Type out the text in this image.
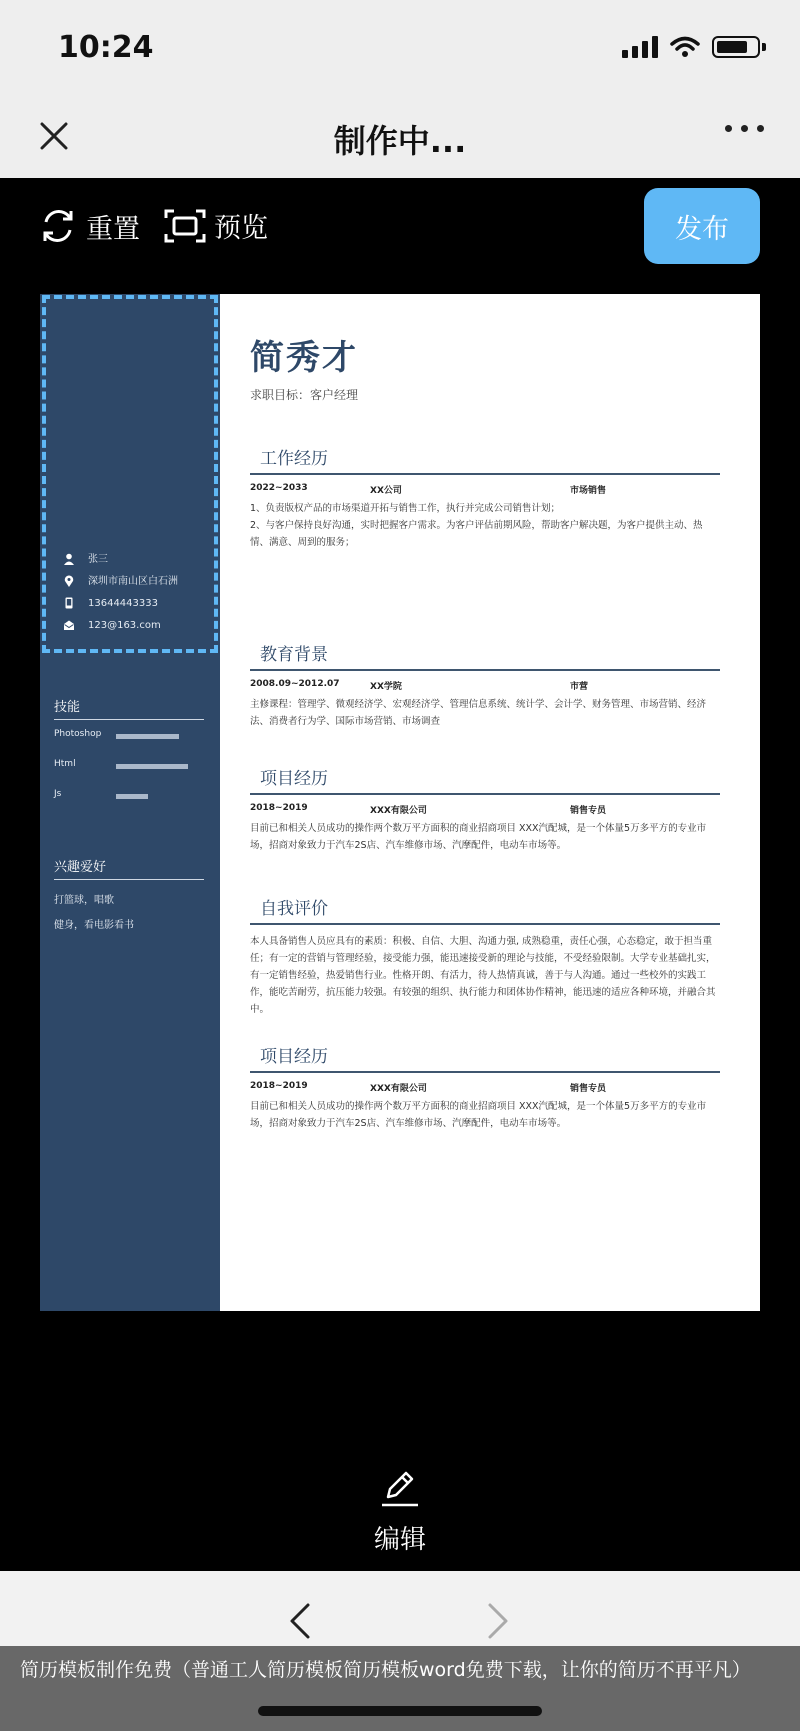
10:24
制作中...
重置	预览	发布
张三
深圳市南山区白石洲
13644443333
123@163.com
技能
Photoshop
Html
Js
兴趣爱好
打篮球，唱歌
健身，看电影看书
简秀才
求职目标：客户经理
工作经历
2022~2033	XX公司	市场销售
1、负责版权产品的市场渠道开拓与销售工作，执行并完成公司销售计划；
2、与客户保持良好沟通，实时把握客户需求。为客户评估前期风险，帮助客户解决题，为客户提供主动、热情、满意、周到的服务；
教育背景
2008.09~2012.07	XX学院	市营
主修课程：管理学、微观经济学、宏观经济学、管理信息系统、统计学、会计学、财务管理、市场营销、经济法、消费者行为学、国际市场营销、市场调查
项目经历
2018~2019	XXX有限公司	销售专员
目前已和相关人员成功的操作两个数万平方面积的商业招商项目 XXX汽配城，是一个体量5万多平方的专业市场，招商对象致力于汽车2S店、汽车维修市场、汽摩配件，电动车市场等。
自我评价
本人具备销售人员应具有的素质：积极、自信、大胆、沟通力强, 成熟稳重，责任心强，心态稳定，敢于担当重任；有一定的营销与管理经验，接受能力强，能迅速接受新的理论与技能，不受经验限制。大学专业基础扎实，有一定销售经验，热爱销售行业。性格开朗、有活力，待人热情真诚，善于与人沟通。通过一些校外的实践工作，能吃苦耐劳，抗压能力较强。有较强的组织、执行能力和团体协作精神，能迅速的适应各种环境，并融合其中。
项目经历
2018~2019	XXX有限公司	销售专员
目前已和相关人员成功的操作两个数万平方面积的商业招商项目 XXX汽配城，是一个体量5万多平方的专业市场，招商对象致力于汽车2S店、汽车维修市场、汽摩配件，电动车市场等。
编辑
简历模板制作免费（普通工人简历模板简历模板word免费下载，让你的简历不再平凡）
